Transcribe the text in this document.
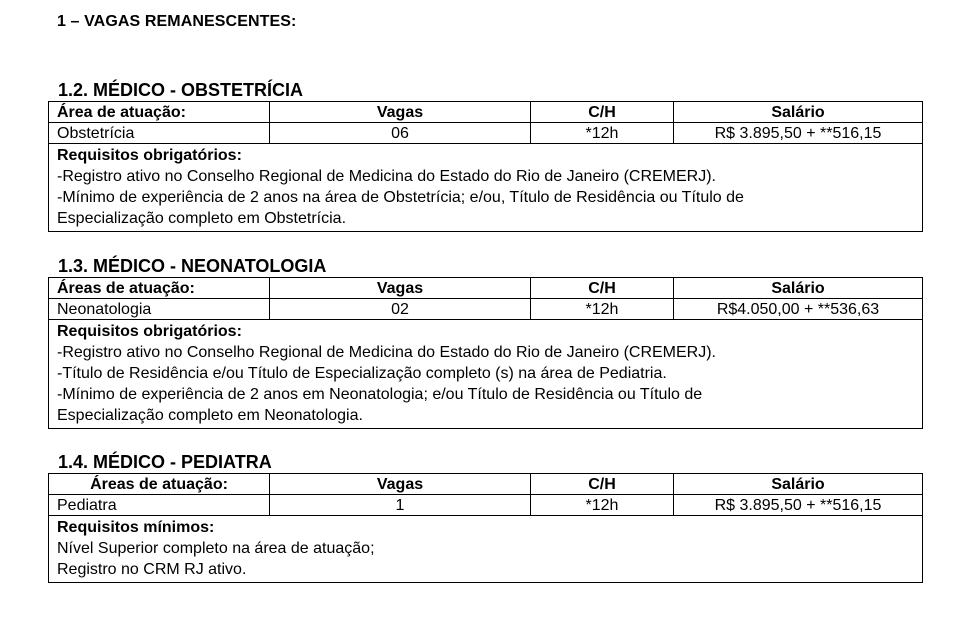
1 – VAGAS REMANESCENTES:
1.2. MÉDICO - OBSTETRÍCIA
Área de atuação:	Vagas	C/H	Salário
Obstetrícia	06	*12h	R$ 3.895,50 + **516,15

Requisitos obrigatórios:
-Registro ativo no Conselho Regional de Medicina do Estado do Rio de Janeiro (CREMERJ).
-Mínimo de experiência de 2 anos na área de Obstetrícia; e/ou, Título de Residência ou Título de
Especialização completo em Obstetrícia.			
1.3. MÉDICO - NEONATOLOGIA
Áreas de atuação:	Vagas	C/H	Salário
Neonatologia	02	*12h	R$4.050,00 + **536,63

Requisitos obrigatórios:
-Registro ativo no Conselho Regional de Medicina do Estado do Rio de Janeiro (CREMERJ).
-Título de Residência e/ou Título de Especialização completo (s) na área de Pediatria.
-Mínimo de experiência de 2 anos em Neonatologia; e/ou Título de Residência ou Título de
Especialização completo em Neonatologia.			
1.4. MÉDICO - PEDIATRA
Áreas de atuação:	Vagas	C/H	Salário
Pediatra	1	*12h	R$ 3.895,50 + **516,15

Requisitos mínimos:
Nível Superior completo na área de atuação;
Registro no CRM RJ ativo.			
